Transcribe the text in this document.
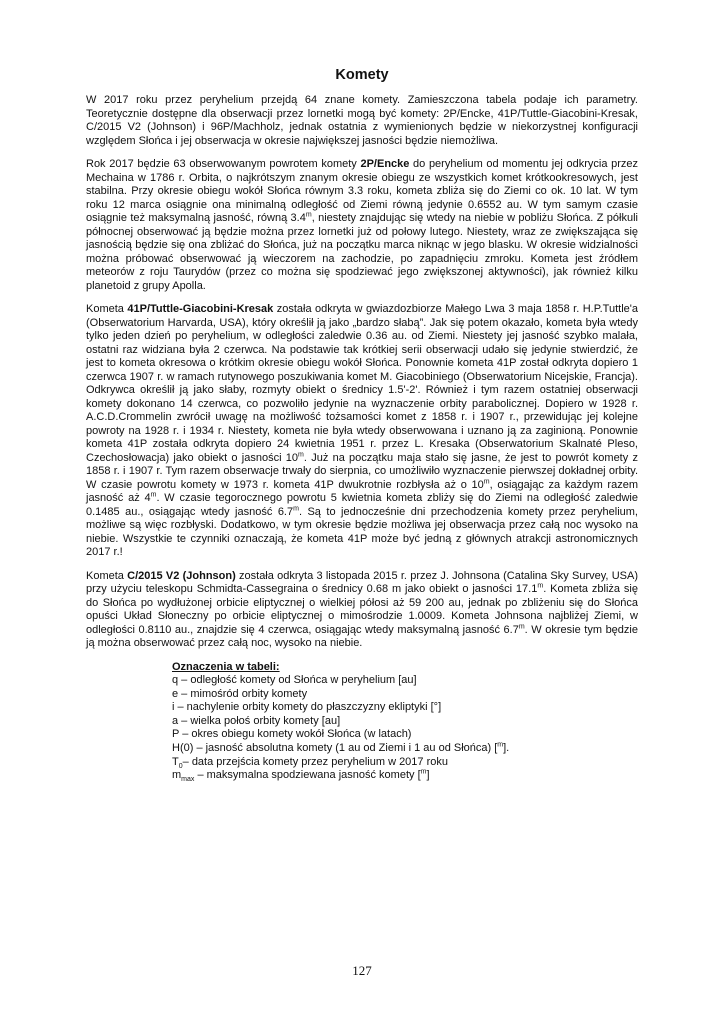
Komety

W 2017 roku przez peryhelium przejdą 64 znane komety. Zamieszczona tabela podaje ich parametry. Teoretycznie dostępne dla obserwacji przez lornetki mogą być komety: 2P/Encke, 41P/Tuttle-Giacobini-Kresak, C/2015 V2 (Johnson) i 96P/Machholz, jednak ostatnia z wymienionych będzie w niekorzystnej konfiguracji względem Słońca i jej obserwacja w okresie największej jasności będzie niemożliwa.

Rok 2017 będzie 63 obserwowanym powrotem komety 2P/Encke do peryhelium od momentu jej odkrycia przez Mechaina w 1786 r. Orbita, o najkrótszym znanym okresie obiegu ze wszystkich komet krótkookresowych, jest stabilna. Przy okresie obiegu wokół Słońca równym 3.3 roku, kometa zbliża się do Ziemi co ok. 10 lat. W tym roku 12 marca osiągnie ona minimalną odległość od Ziemi równą jedynie 0.6552 au. W tym samym czasie osiągnie też maksymalną jasność, równą 3.4$^m$, niestety znajdując się wtedy na niebie w pobliżu Słońca. Z półkuli północnej obserwować ją będzie można przez lornetki już od połowy lutego. Niestety, wraz ze zwiększająca się jasnością będzie się ona zbliżać do Słońca, już na początku marca niknąc w jego blasku. W okresie widzialności można próbować obserwować ją wieczorem na zachodzie, po zapadnięciu zmroku. Kometa jest źródłem meteorów z roju Taurydów (przez co można się spodziewać jego zwiększonej aktywności), jak również kilku planetoid z grupy Apolla.

Kometa 41P/Tuttle-Giacobini-Kresak została odkryta w gwiazdozbiorze Małego Lwa 3 maja 1858 r. H.P.Tuttle'a (Obserwatorium Harvarda, USA), który określił ją jako „bardzo słabą”. Jak się potem okazało, kometa była wtedy tylko jeden dzień po peryhelium, w odległości zaledwie 0.36 au. od Ziemi. Niestety jej jasność szybko malała, ostatni raz widziana była 2 czerwca. Na podstawie tak krótkiej serii obserwacji udało się jedynie stwierdzić, że jest to kometa okresowa o krótkim okresie obiegu wokół Słońca. Ponownie kometa 41P został odkryta dopiero 1 czerwca 1907 r. w ramach rutynowego poszukiwania komet M. Giacobiniego (Obserwatorium Nicejskie, Francja). Odkrywca określił ją jako słaby, rozmyty obiekt o średnicy 1.5'-2'. Również i tym razem ostatniej obserwacji komety dokonano 14 czerwca, co pozwoliło jedynie na wyznaczenie orbity parabolicznej. Dopiero w 1928 r. A.C.D.Crommelin zwrócił uwagę na możliwość tożsamości komet z 1858 r. i 1907 r., przewidując jej kolejne powroty na 1928 r. i 1934 r. Niestety, kometa nie była wtedy obserwowana i uznano ją za zaginioną. Ponownie kometa 41P została odkryta dopiero 24 kwietnia 1951 r. przez L. Kresaka (Obserwatorium Skalnaté Pleso, Czechosłowacja) jako obiekt o jasności 10$^m$. Już na początku maja stało się jasne, że jest to powrót komety z 1858 r. i 1907 r. Tym razem obserwacje trwały do sierpnia, co umożliwiło wyznaczenie pierwszej dokładnej orbity. W czasie powrotu komety w 1973 r. kometa 41P dwukrotnie rozbłysła aż o 10$^m$, osiągając za każdym razem jasność aż 4$^m$. W czasie tegorocznego powrotu 5 kwietnia kometa zbliży się do Ziemi na odległość zaledwie 0.1485 au., osiągając wtedy jasność 6.7$^m$. Są to jednocześnie dni przechodzenia komety przez peryhelium, możliwe są więc rozbłyski. Dodatkowo, w tym okresie będzie możliwa jej obserwacja przez całą noc wysoko na niebie. Wszystkie te czynniki oznaczają, że kometa 41P może być jedną z głównych atrakcji astronomicznych 2017 r.!

Kometa C/2015 V2 (Johnson) została odkryta 3 listopada 2015 r. przez J. Johnsona (Catalina Sky Survey, USA) przy użyciu teleskopu Schmidta-Cassegraina o średnicy 0.68 m jako obiekt o jasności 17.1$^m$. Kometa zbliża się do Słońca po wydłużonej orbicie eliptycznej o wielkiej półosi aż 59 200 au, jednak po zbliżeniu się do Słońca opuści Układ Słoneczny po orbicie eliptycznej o mimośrodzie 1.0009. Kometa Johnsona najbliżej Ziemi, w odległości 0.8110 au., znajdzie się 4 czerwca, osiągając wtedy maksymalną jasność 6.7$^m$. W okresie tym będzie ją można obserwować przez całą noc, wysoko na niebie.

Oznaczenia w tabeli:
q – odległość komety od Słońca w peryhelium [au]
e – mimośród orbity komety
i – nachylenie orbity komety do płaszczyzny ekliptyki [°]
a – wielka połoś orbity komety [au]
P – okres obiegu komety wokół Słońca (w latach)
H(0) – jasność absolutna komety (1 au od Ziemi i 1 au od Słońca) [$^m$].
$T_0-$ data przejścia komety przez peryhelium w 2017 roku
$m_{max}$ – maksymalna spodziewana jasność komety [$^m$]
127
